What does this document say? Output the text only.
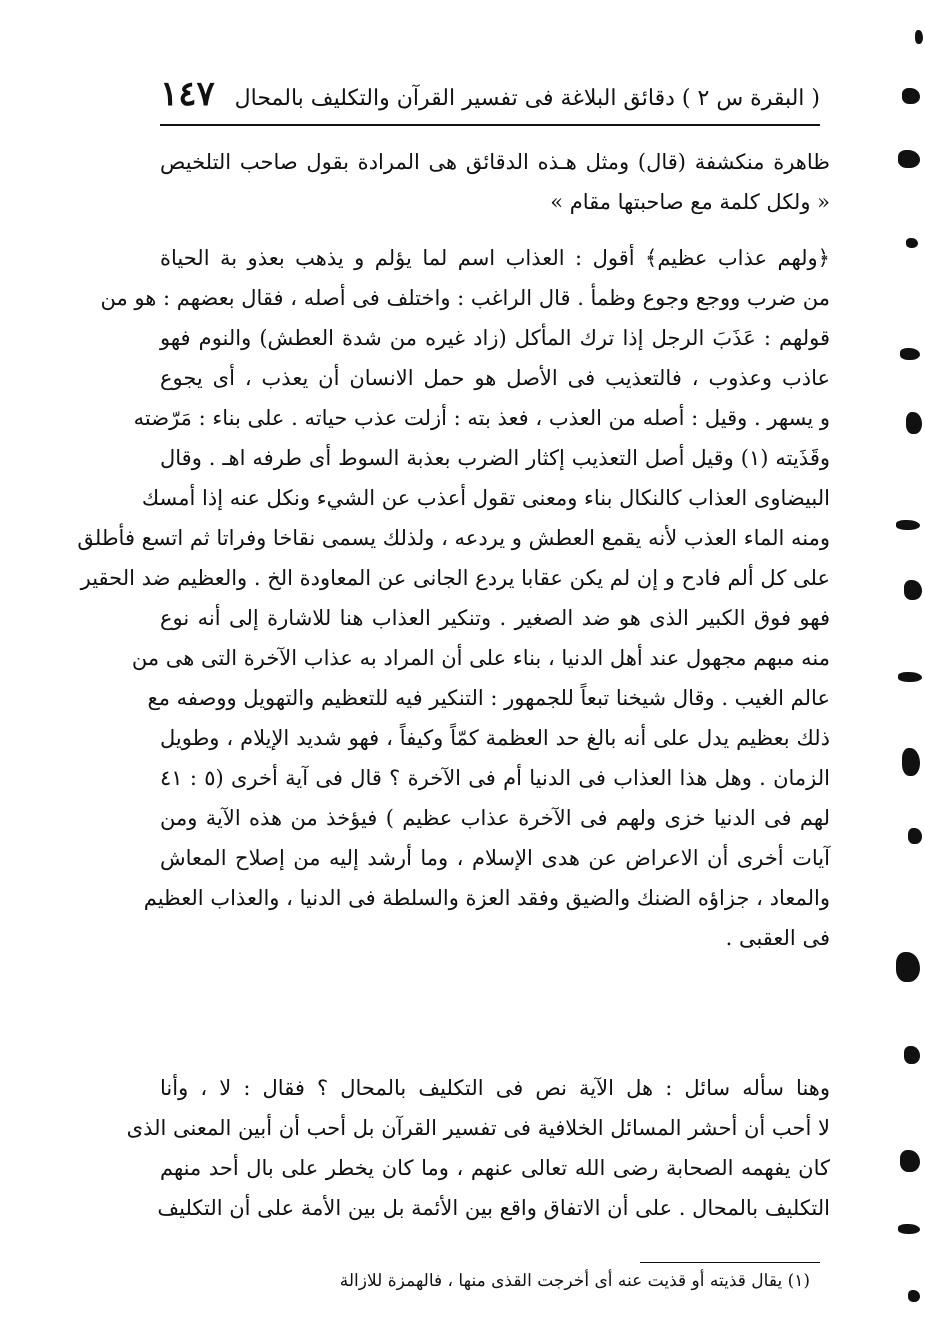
( البقرة س ٢ ) دقائق البلاغة فى تفسير القرآن والتكليف بالمحال
١٤٧
ظاهرة منكشفة (قال) ومثل هـذه الدقائق هى المرادة بقول صاحب التلخيص
« ولكل كلمة مع صاحبتها مقام »
﴿ولهم عذاب عظيم﴾ أقول : العذاب اسم لما يؤلم و يذهب بعذو بة الحياة
من ضرب ووجع وجوع وظمأ . قال الراغب : واختلف فى أصله ، فقال بعضهم : هو من
قولهم : عَذَبَ الرجل إذا ترك المأكل (زاد غيره من شدة العطش) والنوم فهو
عاذب وعذوب ، فالتعذيب فى الأصل هو حمل الانسان أن يعذب ، أى يجوع
و يسهر . وقيل : أصله من العذب ، فعذ بته : أزلت عذب حياته . على بناء : مَرّضته
وقَذَيته (١) وقيل أصل التعذيب إكثار الضرب بعذبة السوط أى طرفه اهـ . وقال
البيضاوى العذاب كالنكال بناء ومعنى تقول أعذب عن الشيء ونكل عنه إذا أمسك
ومنه الماء العذب لأنه يقمع العطش و يردعه ، ولذلك يسمى نقاخا وفراتا ثم اتسع فأطلق
على كل ألم فادح و إن لم يكن عقابا يردع الجانى عن المعاودة الخ . والعظيم ضد الحقير
فهو فوق الكبير الذى هو ضد الصغير . وتنكير العذاب هنا للاشارة إلى أنه نوع
منه مبهم مجهول عند أهل الدنيا ، بناء على أن المراد به عذاب الآخرة التى هى من
عالم الغيب . وقال شيخنا تبعاً للجمهور : التنكير فيه للتعظيم والتهويل ووصفه مع
ذلك بعظيم يدل على أنه بالغ حد العظمة كمّاً وكيفاً ، فهو شديد الإيلام ، وطويل
الزمان . وهل هذا العذاب فى الدنيا أم فى الآخرة ؟ قال فى آية أخرى (٥ : ٤١
لهم فى الدنيا خزى ولهم فى الآخرة عذاب عظيم ) فيؤخذ من هذه الآية ومن
آيات أخرى أن الاعراض عن هدى الإسلام ، وما أرشد إليه من إصلاح المعاش
والمعاد ، جزاؤه الضنك والضيق وفقد العزة والسلطة فى الدنيا ، والعذاب العظيم
فى العقبى .
وهنا سأله سائل : هل الآية نص فى التكليف بالمحال ؟ فقال : لا ، وأنا
لا أحب أن أحشر المسائل الخلافية فى تفسير القرآن بل أحب أن أبين المعنى الذى
كان يفهمه الصحابة رضى الله تعالى عنهم ، وما كان يخطر على بال أحد منهم
التكليف بالمحال . على أن الاتفاق واقع بين الأئمة بل بين الأمة على أن التكليف
(١) يقال قذيته أو قذيت عنه أى أخرجت القذى منها ، فالهمزة للازالة
